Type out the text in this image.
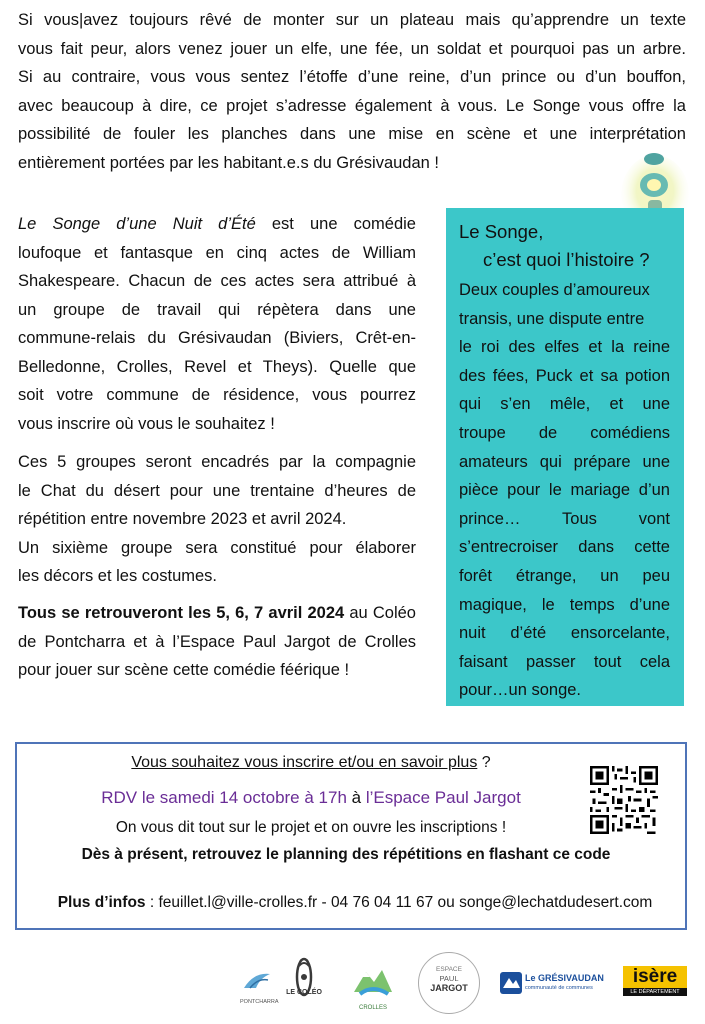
Si vous|avez toujours rêvé de monter sur un plateau mais qu’apprendre un texte
vous fait peur, alors venez jouer un elfe, une fée, un soldat et pourquoi pas un arbre.
Si au contraire, vous vous sentez l’étoffe d’une reine, d’un prince ou d’un bouffon,
avec beaucoup à dire, ce projet s’adresse également à vous. Le Songe vous offre la
possibilité de fouler les planches dans une mise en scène et une interprétation
entièrement portées par les habitant.e.s du Grésivaudan !
Le Songe d’une Nuit d’Été est une comédie
loufoque et fantasque en cinq actes de William
Shakespeare. Chacun de ces actes sera attribué à
un groupe de travail qui répètera dans une
commune-relais du Grésivaudan (Biviers, Crêt-en-
Belledonne, Crolles, Revel et Theys). Quelle que
soit votre commune de résidence, vous pourrez
vous inscrire où vous le souhaitez !
Ces 5 groupes seront encadrés par la compagnie
le Chat du désert pour une trentaine d’heures de
répétition entre novembre 2023 et avril 2024.
Un sixième groupe sera constitué pour élaborer
les décors et les costumes.
Tous se retrouveront les 5, 6, 7 avril 2024 au Coléo
de Pontcharra et à l’Espace Paul Jargot de Crolles
pour jouer sur scène cette comédie féérique !
Le Songe,
c’est quoi l’histoire ?
Deux couples d’amoureux
transis, une dispute entre
le roi des elfes et la reine
des fées, Puck et sa potion
qui s’en mêle, et une
troupe de comédiens
amateurs qui prépare une
pièce pour le mariage d’un
prince… Tous vont
s’entrecroiser dans cette
forêt étrange, un peu
magique, le temps d’une
nuit d’été ensorcelante,
faisant passer tout cela
pour…un songe.
Vous souhaitez vous inscrire et/ou en savoir plus ?
RDV le samedi 14 octobre à 17h à l’Espace Paul Jargot
On vous dit tout sur le projet et on ouvre les inscriptions !
Dès à présent, retrouvez le planning des répétitions en flashant ce code
Plus d’infos : feuillet.l@ville-crolles.fr - 04 76 04 11 67 ou songe@lechatdudesert.com
PONTCHARRA
LE COLÉO
CROLLES
ESPACE
PAUL
JARGOT
Le GRÉSIVAUDAN
communauté de communes
isère
LE DÉPARTEMENT
